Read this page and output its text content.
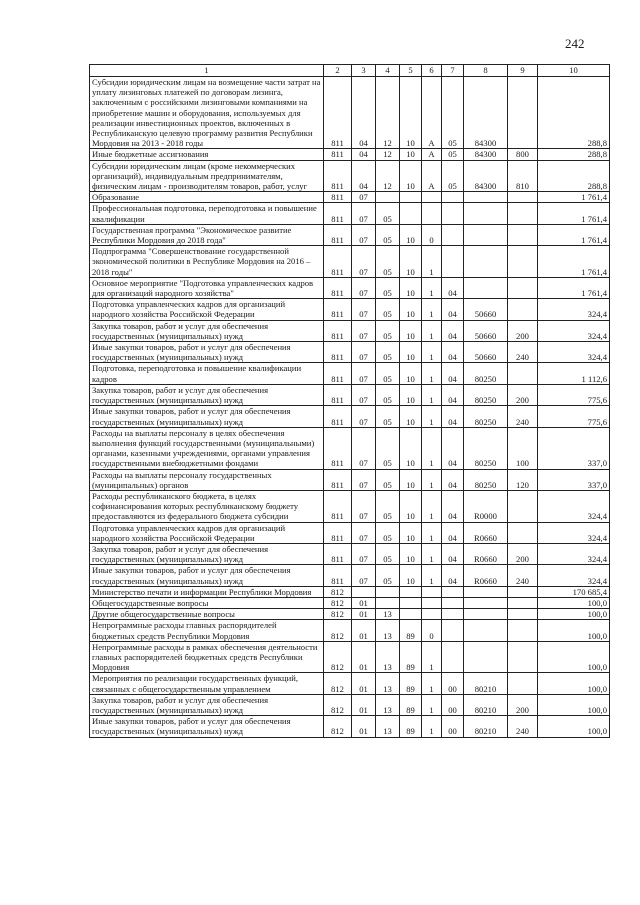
242
1	2	3	4	5	6	7	8	9	10
Субсидии юридическим лицам на возмещение части затрат на уплату лизинговых платежей по договорам лизинга, заключенным с российскими лизинговыми компаниями на приобретение машин и оборудования, используемых для реализации инвестиционных проектов, включенных в Республиканскую целевую программу развития Республики Мордовия на 2013 - 2018 годы	811	04	12	10	А	05	84300		288,8
Иные бюджетные ассигнования	811	04	12	10	А	05	84300	800	288,8
Субсидии юридическим лицам (кроме некоммерческих организаций), индивидуальным предпринимателям, физическим лицам - производителям товаров, работ, услуг	811	04	12	10	А	05	84300	810	288,8
Образование	811	07							1 761,4
Профессиональная подготовка, переподготовка и повышение квалификации	811	07	05						1 761,4
Государственная программа "Экономическое развитие Республики Мордовия до 2018 года"	811	07	05	10	0				1 761,4
Подпрограмма "Совершенствование государственной экономической политики в Республике Мордовия на 2016 – 2018 годы"	811	07	05	10	1				1 761,4
Основное мероприятие "Подготовка управленческих кадров для организаций народного хозяйства"	811	07	05	10	1	04			1 761,4
Подготовка управленческих кадров для организаций народного хозяйства Российской Федерации	811	07	05	10	1	04	50660		324,4
Закупка товаров, работ и услуг для обеспечения государственных (муниципальных) нужд	811	07	05	10	1	04	50660	200	324,4
Иные закупки товаров, работ и услуг для обеспечения государственных (муниципальных) нужд	811	07	05	10	1	04	50660	240	324,4
Подготовка, переподготовка и повышение квалификации кадров	811	07	05	10	1	04	80250		1 112,6
Закупка товаров, работ и услуг для обеспечения государственных (муниципальных) нужд	811	07	05	10	1	04	80250	200	775,6
Иные закупки товаров, работ и услуг для обеспечения государственных (муниципальных) нужд	811	07	05	10	1	04	80250	240	775,6
Расходы на выплаты персоналу в целях обеспечения выполнения функций государственными (муниципальными) органами, казенными учреждениями, органами управления государственными внебюджетными фондами	811	07	05	10	1	04	80250	100	337,0
Расходы на выплаты персоналу государственных (муниципальных) органов	811	07	05	10	1	04	80250	120	337,0
Расходы республиканского бюджета, в целях софинансирования которых республиканскому бюджету предоставляются из федерального бюджета субсидии	811	07	05	10	1	04	R0000		324,4
Подготовка управленческих кадров для организаций народного хозяйства Российской Федерации	811	07	05	10	1	04	R0660		324,4
Закупка товаров, работ и услуг для обеспечения государственных (муниципальных) нужд	811	07	05	10	1	04	R0660	200	324,4
Иные закупки товаров, работ и услуг для обеспечения государственных (муниципальных) нужд	811	07	05	10	1	04	R0660	240	324,4
Министерство печати и информации Республики Мордовия	812								170 685,4
Общегосударственные вопросы	812	01							100,0
Другие общегосударственные вопросы	812	01	13						100,0
Непрограммные расходы главных распорядителей бюджетных средств Республики Мордовия	812	01	13	89	0				100,0
Непрограммные расходы в рамках обеспечения деятельности главных распорядителей бюджетных средств Республики Мордовия	812	01	13	89	1				100,0
Мероприятия по реализации государственных функций, связанных с общегосударственным управлением	812	01	13	89	1	00	80210		100,0
Закупка товаров, работ и услуг для обеспечения государственных (муниципальных) нужд	812	01	13	89	1	00	80210	200	100,0
Иные закупки товаров, работ и услуг для обеспечения государственных (муниципальных) нужд	812	01	13	89	1	00	80210	240	100,0
